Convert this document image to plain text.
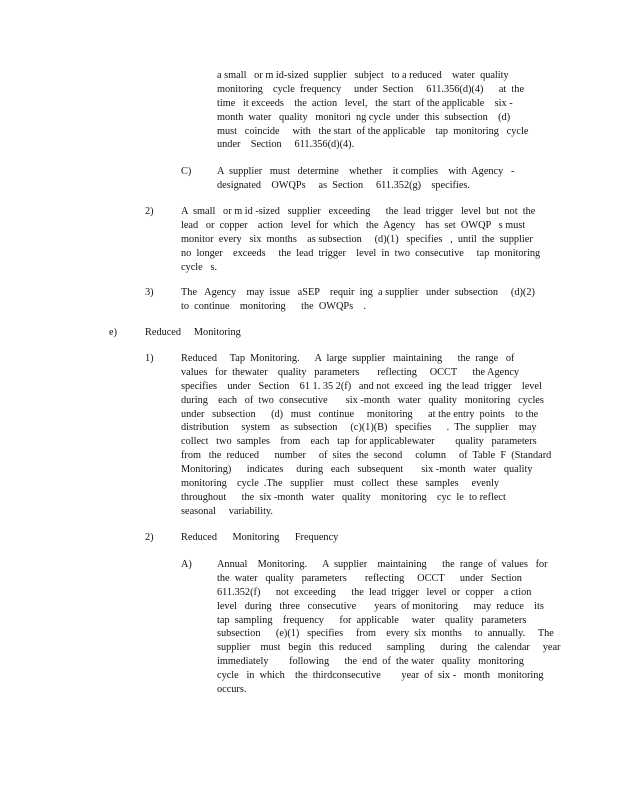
a small   or m id-sized  supplier   subject   to a reduced    water  quality
monitoring    cycle  frequency     under  Section     611.356(d)(4)      at  the
time   it exceeds    the  action   level,   the  start  of the applicable    six -
month  water   quality   monitori  ng cycle  under  this  subsection    (d)
must   coincide     with   the start  of the applicable    tap  monitoring   cycle
under    Section     611.356(d)(4).
C) A  supplier   must   determine    whether    it complies    with  Agency   -
designated    OWQPs     as  Section     611.352(g)    specifies.
2)	A  small   or m id -sized   supplier   exceeding      the  lead  trigger   level  but  not  the
lead   or  copper    action   level  for  which   the  Agency    has  set  OWQP   s must
monitor  every   six  months    as subsection     (d)(1)   specifies   ,  until  the  supplier
no  longer    exceeds     the  lead  trigger    level  in  two  consecutive     tap  monitoring
cycle   s.
3)	The   Agency    may  issue   aSEP    requir  ing  a supplier   under  subsection     (d)(2)
to  continue    monitoring      the  OWQPs    .
e)	Reduced     Monitoring
1)	Reduced     Tap  Monitoring.      A  large  supplier   maintaining      the  range   of
values   for  thewater    quality   parameters       reflecting     OCCT      the Agency
specifies    under   Section    61 1. 35 2(f)   and not  exceed  ing  the lead  trigger    level
during    each   of  two  consecutive       six -month   water   quality   monitoring   cycles
under   subsection      (d)   must   continue     monitoring      at the entry  points    to the
distribution     system    as  subsection     (c)(1)(B)   specifies      .  The  supplier    may
collect   two  samples    from    each   tap  for applicablewater        quality   parameters
from   the  reduced      number     of  sites  the  second     column     of  Table  F  (Standard
Monitoring)      indicates     during   each   subsequent       six -month   water   quality
monitoring    cycle  .The   supplier    must   collect   these   samples     evenly
throughout      the  six -month   water   quality    monitoring    cyc  le  to reflect
seasonal     variability.
2)	Reduced      Monitoring      Frequency
A) Annual    Monitoring.      A  supplier    maintaining      the  range  of  values   for
the  water   quality   parameters       reflecting     OCCT      under   Section
611.352(f)      not  exceeding      the  lead  trigger   level  or  copper    a ction
level   during   three   consecutive       years  of monitoring      may  reduce    its
tap  sampling    frequency      for  applicable     water    quality   parameters
subsection      (e)(1)   specifies     from    every  six  months     to  annually.     The
supplier    must   begin   this  reduced      sampling      during    the  calendar     year
immediately        following      the  end  of  the water   quality   monitoring
cycle   in  which    the  thirdconsecutive        year  of  six -   month   monitoring
occurs.
